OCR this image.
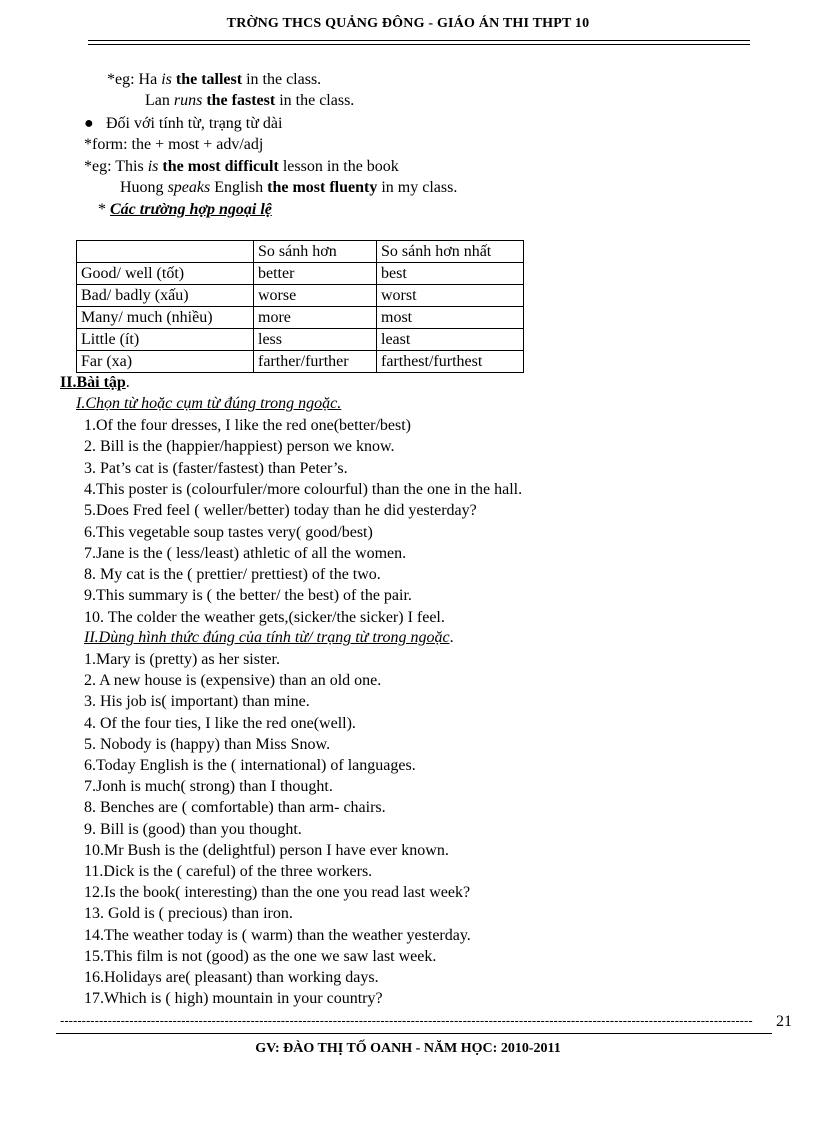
TRỜNG THCS QUẢNG ĐÔNG - GIÁO ÁN THI THPT 10
*eg: Ha is the tallest in the class.
Lan runs the fastest in the class.
● Đối với tính từ, trạng từ dài
*form: the + most + adv/adj
*eg: This is the most difficult lesson in the book
Huong speaks English the most fluenty in my class.
* Các trường hợp ngoại lệ
	So sánh hơn	So sánh hơn nhất
Good/ well (tốt)	better	best
Bad/ badly (xấu)	worse	worst
Many/ much (nhiều)	more	most
Little (ít)	less	least
Far (xa)	farther/further	farthest/furthest
II.Bài tập.
I.Chọn từ hoặc cụm từ đúng trong ngoặc.
1.Of the four dresses, I like the red one(better/best)
2. Bill is the (happier/happiest) person we know.
3. Pat’s cat is (faster/fastest) than Peter’s.
4.This poster is (colourfuler/more colourful) than the one in the hall.
5.Does Fred feel ( weller/better) today than he did yesterday?
6.This vegetable soup tastes very( good/best)
7.Jane is the ( less/least) athletic of all the women.
8. My cat is the ( prettier/ prettiest) of the two.
9.This summary is ( the better/ the best) of the pair.
10. The colder the weather gets,(sicker/the sicker) I feel.
II.Dùng hình thức đúng của tính từ/ trạng từ trong ngoặc.
1.Mary is (pretty) as her sister.
2. A new house is (expensive) than an old one.
3. His job is( important) than mine.
4. Of the four ties, I like the red one(well).
5. Nobody is (happy) than Miss Snow.
6.Today English is the ( international) of languages.
7.Jonh is much( strong) than I thought.
8. Benches are ( comfortable) than arm- chairs.
9. Bill is (good) than you thought.
10.Mr Bush is the (delightful) person I have ever known.
11.Dick is the ( careful) of the three workers.
12.Is the book( interesting) than the one you read last week?
13. Gold is ( precious) than iron.
14.The weather today is ( warm) than the weather yesterday.
15.This film is not (good) as the one we saw last week.
16.Holidays are( pleasant) than working days.
17.Which is ( high) mountain in your country?
----------------------------------------------------------------------------------------------------------------------------------------------------------------	21
GV: ĐÀO THỊ TỐ OANH - NĂM HỌC: 2010-2011
